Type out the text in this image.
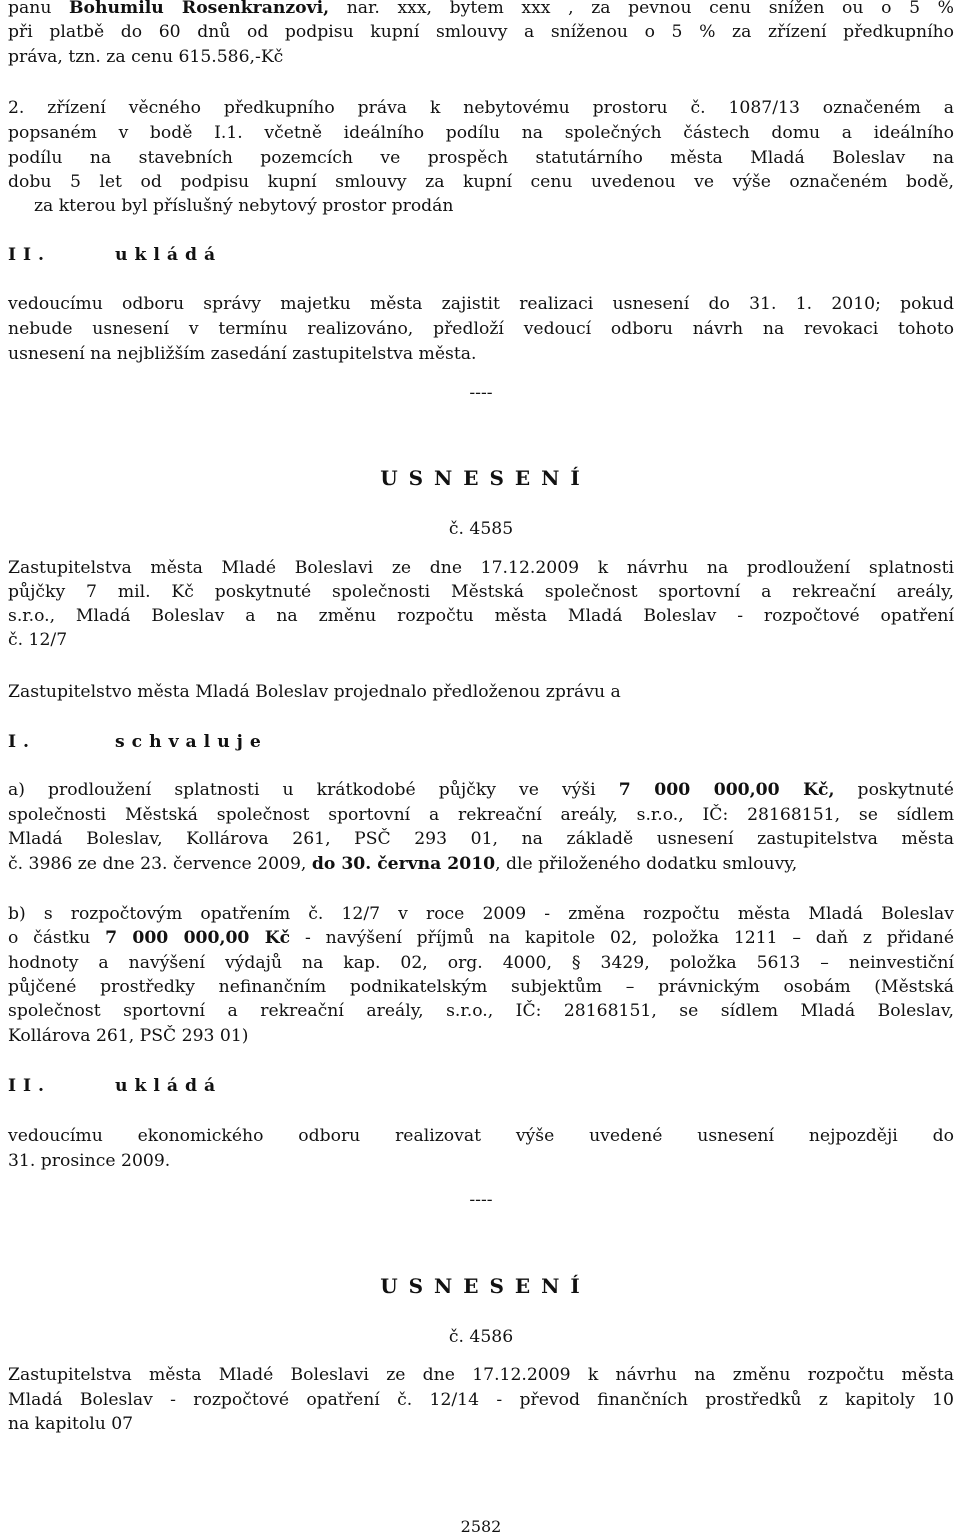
panu Bohumilu Rosenkranzovi, nar. xxx, bytem xxx , za pevnou cenu snížen ou o 5 %
při platbě do 60 dnů od podpisu kupní smlouvy a sníženou o 5 % za zřízení předkupního
práva, tzn. za cenu 615.586,-Kč
2. zřízení věcného předkupního práva k nebytovému prostoru č. 1087/13 označeném a
popsaném v bodě I.1. včetně ideálního podílu na společných částech domu a ideálního
podílu na stavebních pozemcích ve prospěch statutárního města Mladá Boleslav na
dobu 5 let od podpisu kupní smlouvy za kupní cenu uvedenou ve výše označeném bodě,
za kterou byl příslušný nebytový prostor prodán
I I .	u k l á d á
vedoucímu odboru správy majetku města zajistit realizaci usnesení do 31. 1. 2010; pokud
nebude usnesení v termínu realizováno, předloží vedoucí odboru návrh na revokaci tohoto
usnesení na nejbližším zasedání zastupitelstva města.
----
U S N E S E N Í
č. 4585
Zastupitelstva města Mladé Boleslavi ze dne 17.12.2009 k návrhu na prodloužení splatnosti
půjčky 7 mil. Kč poskytnuté společnosti Městská společnost sportovní a rekreační areály,
s.r.o., Mladá Boleslav a na změnu rozpočtu města Mladá Boleslav - rozpočtové opatření
č. 12/7
Zastupitelstvo města Mladá Boleslav projednalo předloženou zprávu a
I .	s c h v a l u j e
a) prodloužení splatnosti u krátkodobé půjčky ve výši 7 000 000,00 Kč, poskytnuté
společnosti Městská společnost sportovní a rekreační areály, s.r.o., IČ: 28168151, se sídlem
Mladá Boleslav, Kollárova 261, PSČ 293 01, na základě usnesení zastupitelstva města
č. 3986 ze dne 23. července 2009, do 30. června 2010, dle přiloženého dodatku smlouvy,
b) s rozpočtovým opatřením č. 12/7 v roce 2009 - změna rozpočtu města Mladá Boleslav
o částku 7 000 000,00 Kč - navýšení příjmů na kapitole 02, položka 1211 – daň z přidané
hodnoty a navýšení výdajů na kap. 02, org. 4000, § 3429, položka 5613 – neinvestiční
půjčené prostředky nefinančním podnikatelským subjektům – právnickým osobám (Městská
společnost sportovní a rekreační areály, s.r.o., IČ: 28168151, se sídlem Mladá Boleslav,
Kollárova 261, PSČ 293 01)
I I .	u k l á d á
vedoucímu ekonomického odboru realizovat výše uvedené usnesení nejpozději do
31. prosince 2009.
----
U S N E S E N Í
č. 4586
Zastupitelstva města Mladé Boleslavi ze dne 17.12.2009 k návrhu na změnu rozpočtu města
Mladá Boleslav - rozpočtové opatření č. 12/14 - převod finančních prostředků z kapitoly 10
na kapitolu 07
2582
